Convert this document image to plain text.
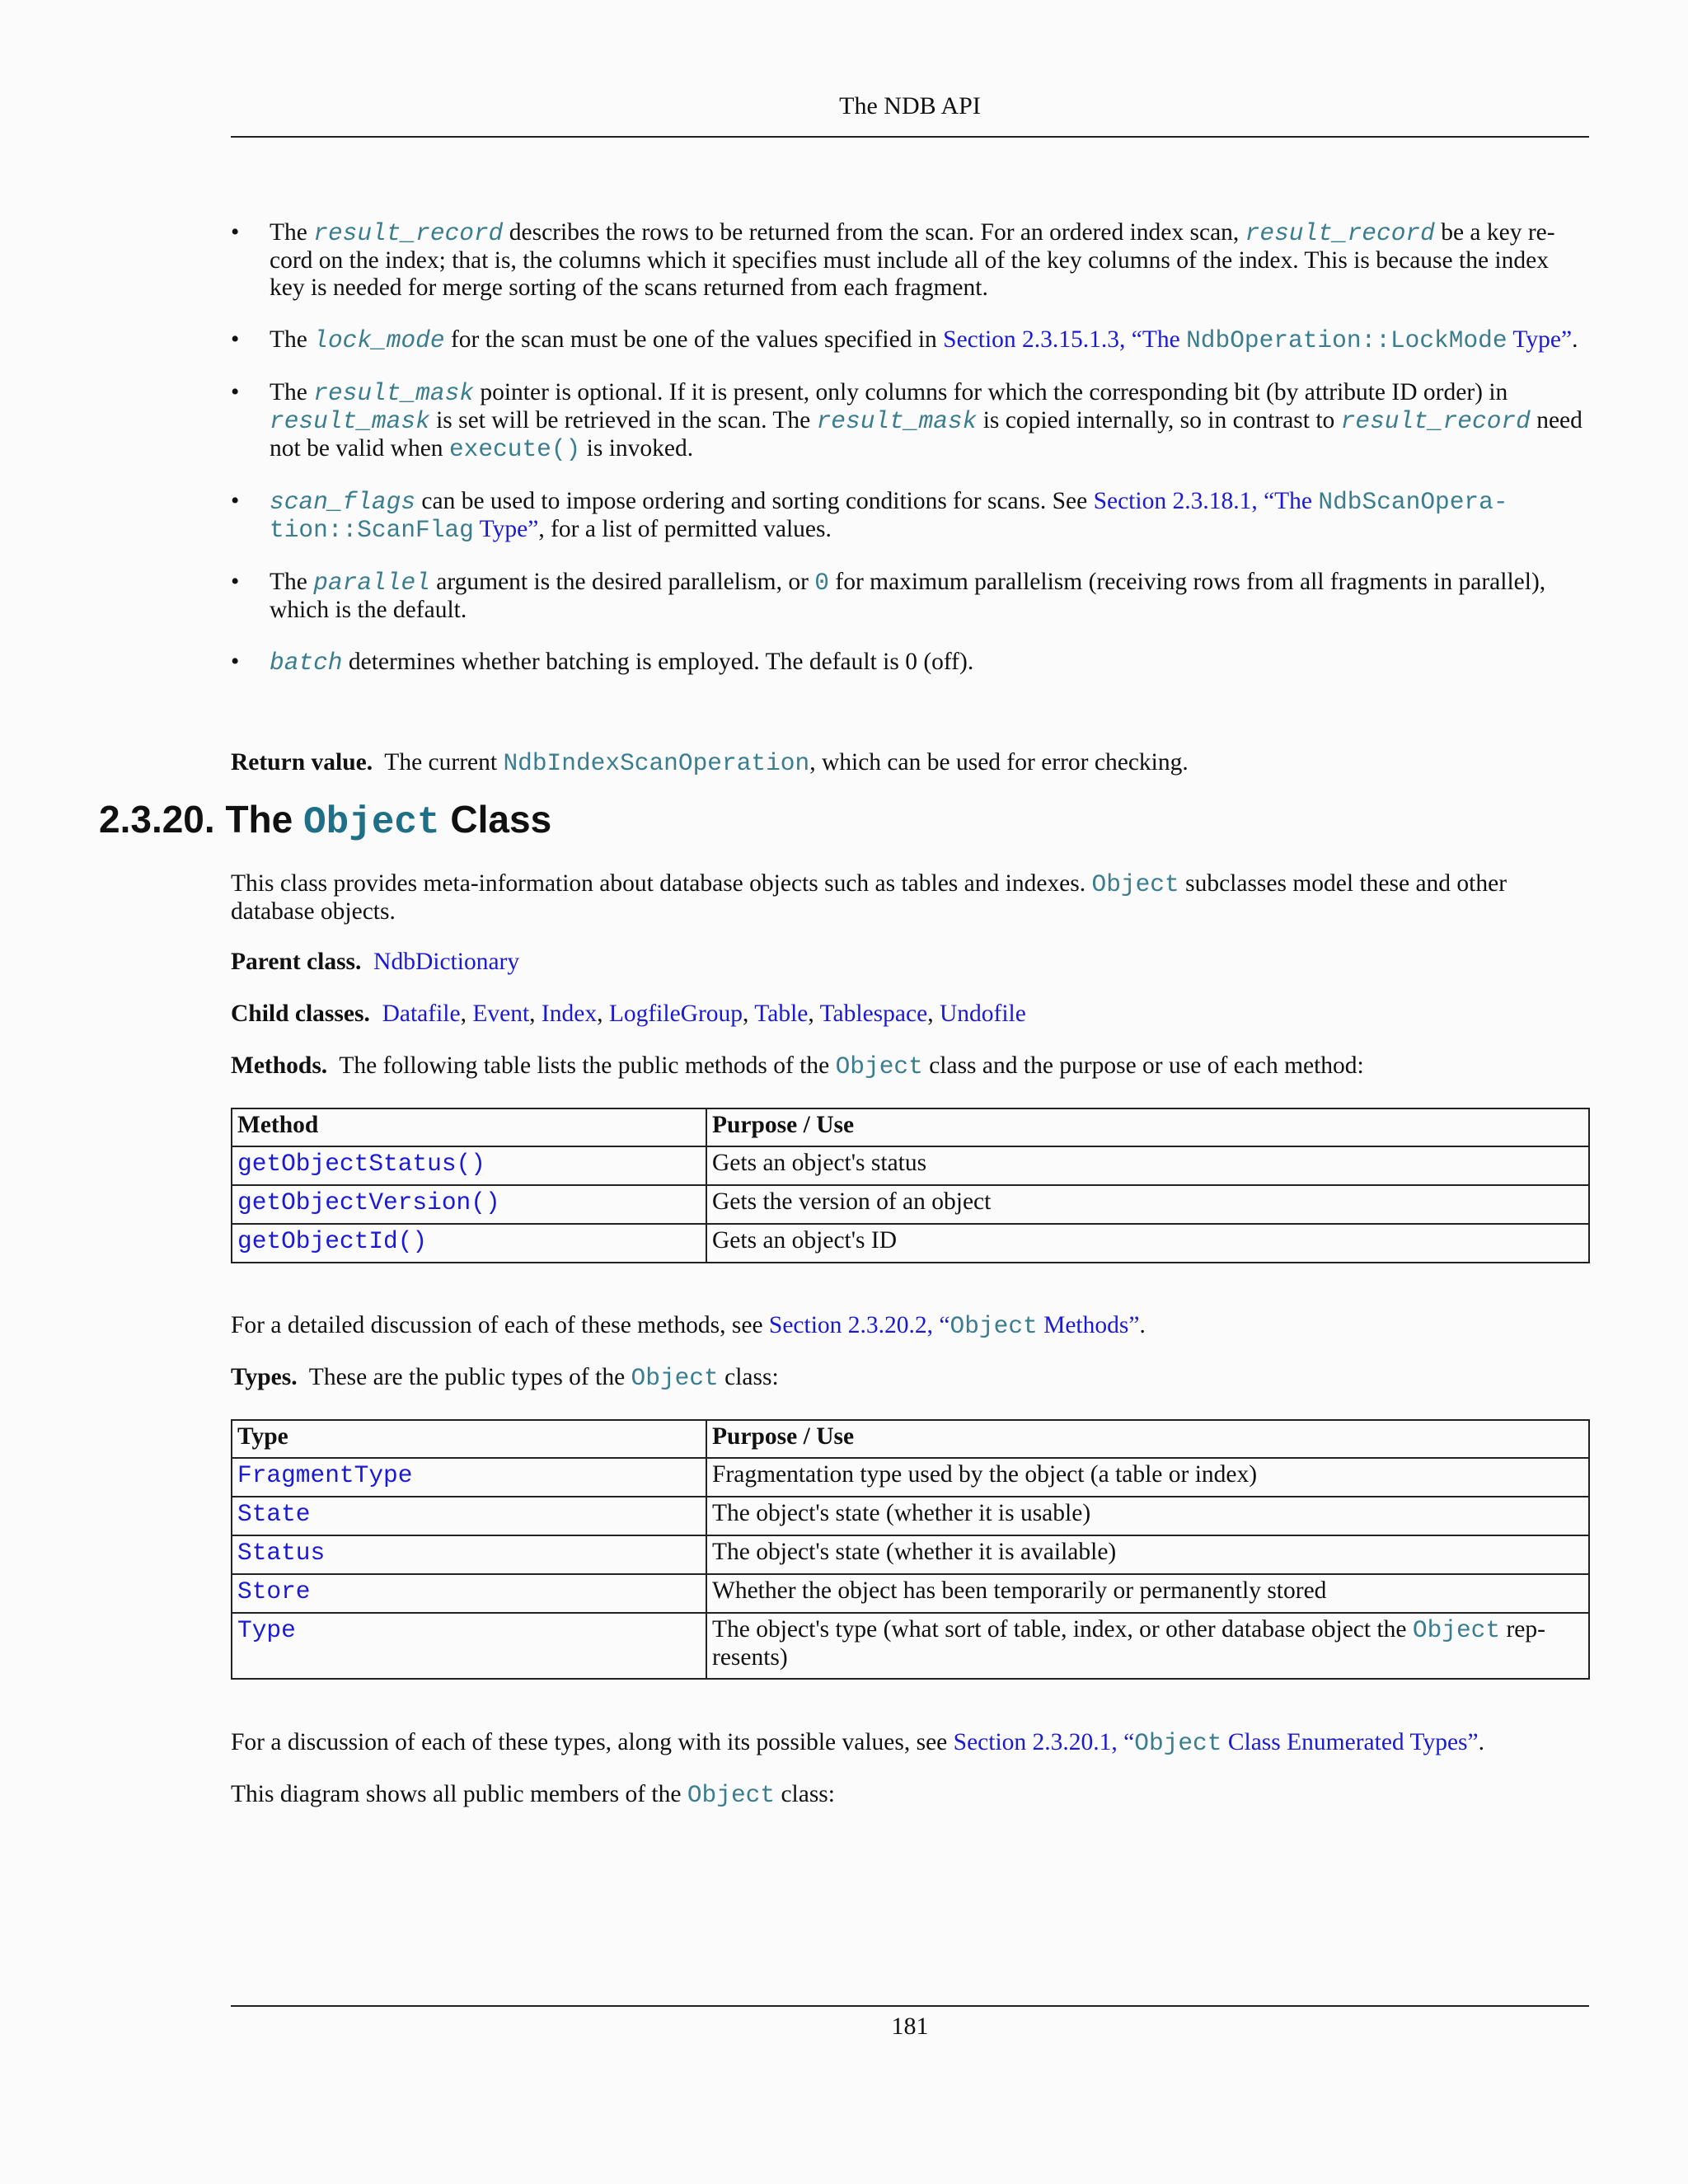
The NDB API
• The result_record describes the rows to be returned from the scan. For an ordered index scan, result_record be a key re-cord on the index; that is, the columns which it specifies must include all of the key columns of the index. This is because the index key is needed for merge sorting of the scans returned from each fragment.
• The lock_mode for the scan must be one of the values specified in Section 2.3.15.1.3, “The NdbOperation::LockMode Type”.
• The result_mask pointer is optional. If it is present, only columns for which the corresponding bit (by attribute ID order) in result_mask is set will be retrieved in the scan. The result_mask is copied internally, so in contrast to result_record need not be valid when execute() is invoked.
• scan_flags can be used to impose ordering and sorting conditions for scans. See Section 2.3.18.1, “The NdbScanOpera-tion::ScanFlag Type”, for a list of permitted values.
• The parallel argument is the desired parallelism, or 0 for maximum parallelism (receiving rows from all fragments in parallel), which is the default.
• batch determines whether batching is employed. The default is 0 (off).
Return value.  The current NdbIndexScanOperation, which can be used for error checking.
2.3.20. The Object Class
This class provides meta-information about database objects such as tables and indexes. Object subclasses model these and other database objects.
Parent class. NdbDictionary
Child classes. Datafile, Event, Index, LogfileGroup, Table, Tablespace, Undofile
Methods.  The following table lists the public methods of the Object class and the purpose or use of each method:
Method	Purpose / Use
getObjectStatus()	Gets an object's status
getObjectVersion()	Gets the version of an object
getObjectId()	Gets an object's ID
For a detailed discussion of each of these methods, see Section 2.3.20.2, “Object Methods”.
Types.  These are the public types of the Object class:
Type	Purpose / Use
FragmentType	Fragmentation type used by the object (a table or index)
State	The object's state (whether it is usable)
Status	The object's state (whether it is available)
Store	Whether the object has been temporarily or permanently stored
Type	The object's type (what sort of table, index, or other database object the Object rep-resents)
For a discussion of each of these types, along with its possible values, see Section 2.3.20.1, “Object Class Enumerated Types”.
This diagram shows all public members of the Object class:
181
